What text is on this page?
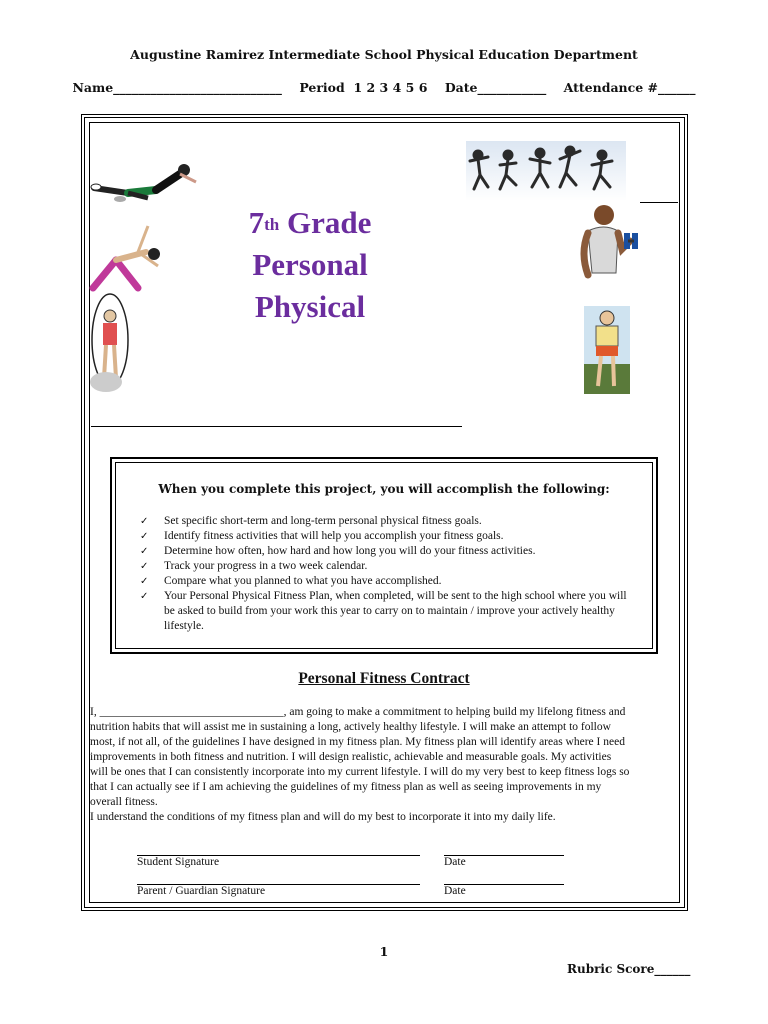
Augustine Ramirez Intermediate School Physical Education Department
Name___________________________    Period  1 2 3 4 5 6    Date___________    Attendance #______
7th Grade
Personal
Physical
When you complete this project, you will accomplish the following:
✓ Set specific short-term and long-term personal physical fitness goals.
✓ Identify fitness activities that will help you accomplish your fitness goals.
✓ Determine how often, how hard and how long you will do your fitness activities.
✓ Track your progress in a two week calendar.
✓ Compare what you planned to what you have accomplished.
✓ Your Personal Physical Fitness Plan, when completed, will be sent to the high school where you will be asked to build from your work this year to carry on to maintain / improve your actively healthy lifestyle.
Personal Fitness Contract

I, ________________________________, am going to make a commitment to helping build my lifelong fitness and nutrition habits that will assist me in sustaining a long, actively healthy lifestyle. I will make an attempt to follow most, if not all, of the guidelines I have designed in my fitness plan. My fitness plan will identify areas where I need improvements in both fitness and nutrition. I will design realistic, achievable and measurable goals. My activities will be ones that I can consistently incorporate into my current lifestyle. I will do my very best to keep fitness logs so that I can actually see if I am achieving the guidelines of my fitness plan as well as seeing improvements in my overall fitness.

I understand the conditions of my fitness plan and will do my best to incorporate it into my daily life.

Student Signature	Date
Parent / Guardian Signature	Date
1
Rubric Score______
